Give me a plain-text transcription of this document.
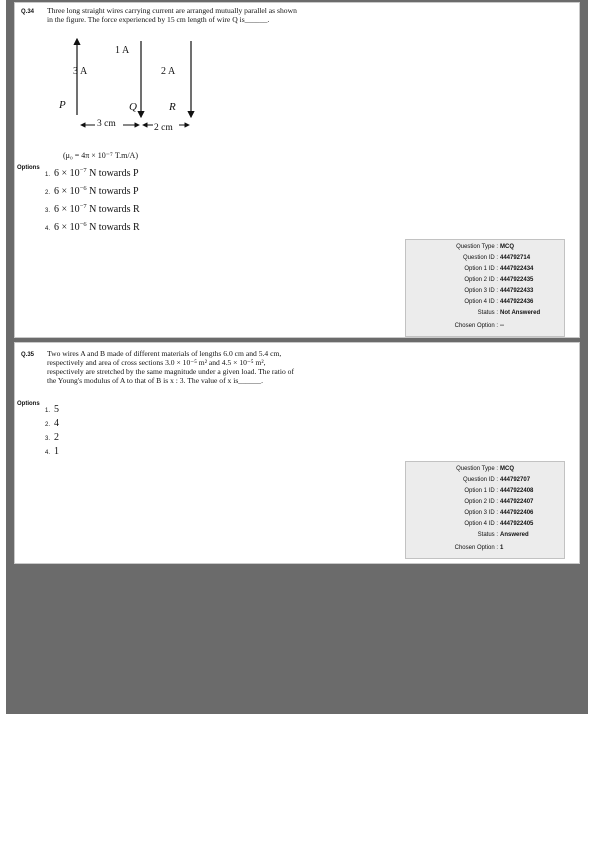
Q.34 Three long straight wires carrying current are arranged mutually parallel as shown
in the figure. The force experienced by 15 cm length of wire Q is______.
1 A
3 A	2 A
P	Q	R
3 cm	2 cm
(μ₀ = 4π × 10⁻⁷ T.m/A)
Options
1. $6 \times 10^{-7}$ N towards P
2. $6 \times 10^{-6}$ N towards P
3. $6 \times 10^{-7}$ N towards R
4. $6 \times 10^{-6}$ N towards R
Question Type : MCQ
Question ID : 444792714
Option 1 ID : 4447922434
Option 2 ID : 4447922435
Option 3 ID : 4447922433
Option 4 ID : 4447922436
Status : Not Answered
Chosen Option : --
Q.35 Two wires A and B made of different materials of lengths 6.0 cm and 5.4 cm,
respectively and area of cross sections 3.0 × 10⁻⁵ m² and 4.5 × 10⁻⁵ m²,
respectively are stretched by the same magnitude under a given load. The ratio of
the Young's modulus of A to that of B is x : 3. The value of x is______.
Options
1. 5
2. 4
3. 2
4. 1
Question Type : MCQ
Question ID : 444792707
Option 1 ID : 4447922408
Option 2 ID : 4447922407
Option 3 ID : 4447922406
Option 4 ID : 4447922405
Status : Answered
Chosen Option : 1
